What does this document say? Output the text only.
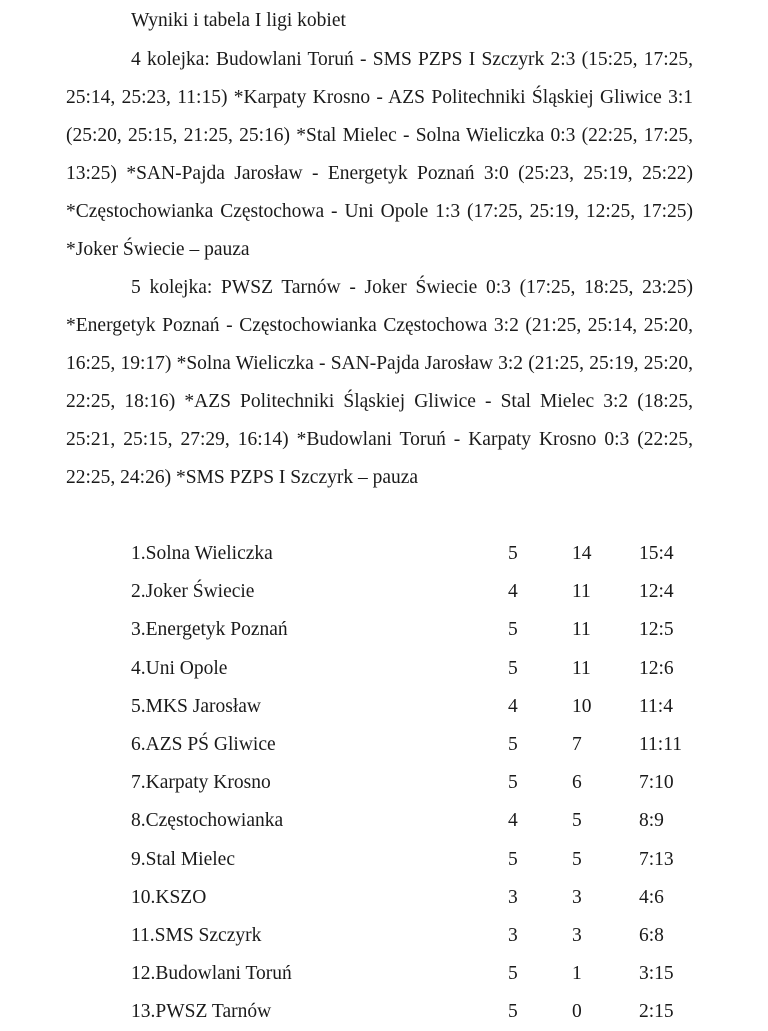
Wyniki i tabela I ligi kobiet

4 kolejka: Budowlani Toruń - SMS PZPS I Szczyrk 2:3 (15:25, 17:25, 25:14, 25:23, 11:15) *Karpaty Krosno - AZS Politechniki Śląskiej Gliwice 3:1 (25:20, 25:15, 21:25, 25:16) *Stal Mielec - Solna Wieliczka 0:3 (22:25, 17:25, 13:25) *SAN-Pajda Jarosław - Energetyk Poznań 3:0 (25:23, 25:19, 25:22) *Częstochowianka Częstochowa - Uni Opole 1:3 (17:25, 25:19, 12:25, 17:25) *Joker Świecie – pauza

5 kolejka: PWSZ Tarnów - Joker Świecie 0:3 (17:25, 18:25, 23:25) *Energetyk Poznań - Częstochowianka Częstochowa 3:2 (21:25, 25:14, 25:20, 16:25, 19:17) *Solna Wieliczka - SAN-Pajda Jarosław 3:2 (21:25, 25:19, 25:20, 22:25, 18:16) *AZS Politechniki Śląskiej Gliwice - Stal Mielec 3:2 (18:25, 25:21, 25:15, 27:29, 16:14) *Budowlani Toruń - Karpaty Krosno 0:3 (22:25, 22:25, 24:26) *SMS PZPS I Szczyrk – pauza

1.Solna Wieliczka	5	14 15:4
2.Joker Świecie	4	11 12:4
3.Energetyk Poznań	5	11 12:5
4.Uni Opole	5	11 12:6
5.MKS Jarosław	4	10 11:4
6.AZS PŚ Gliwice	5	7	11:11
7.Karpaty Krosno	5	6	7:10
8.Częstochowianka	4	5	8:9
9.Stal Mielec	5	5	7:13
10.KSZO	3	3	4:6
11.SMS Szczyrk	3	3	6:8
12.Budowlani Toruń	5	1	3:15
13.PWSZ Tarnów	5	0	2:15
